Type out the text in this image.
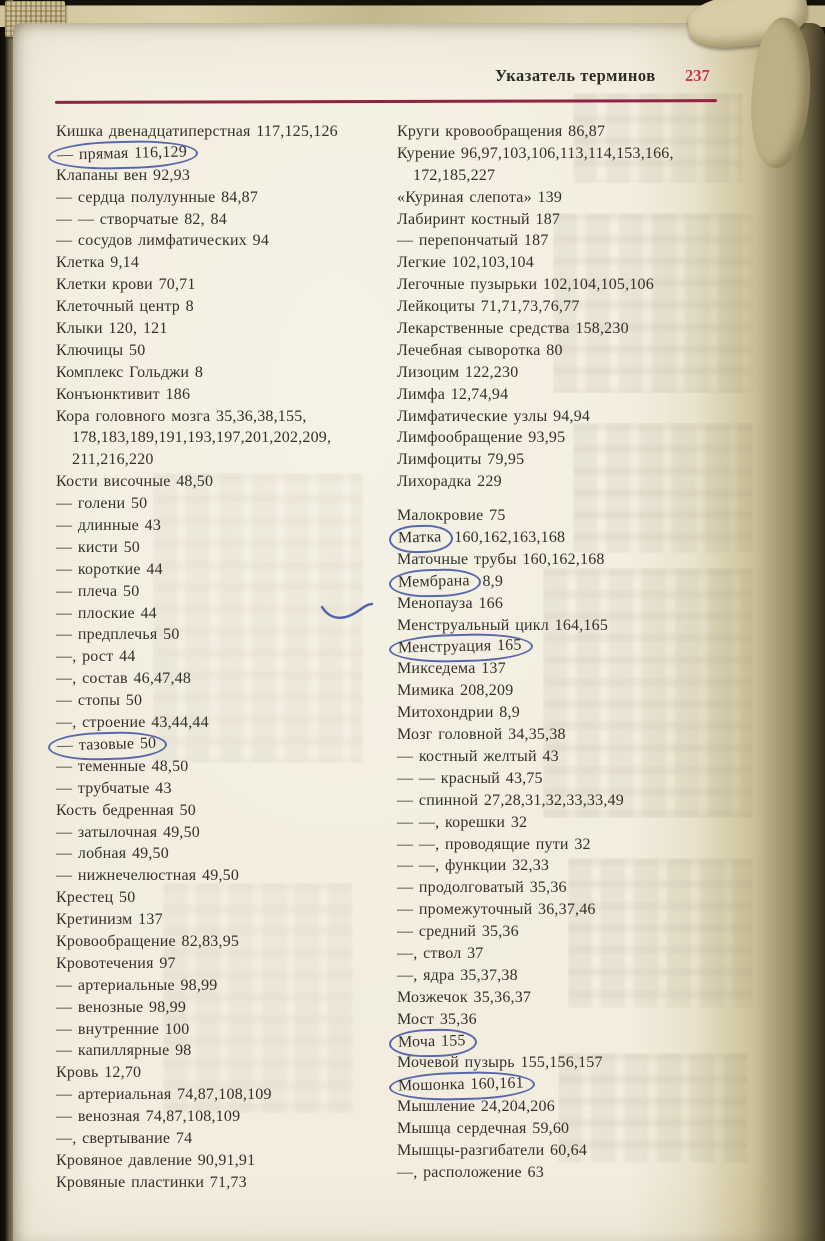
Указатель терминов 237
Кишка двенадцатиперстная 117,125,126
— прямая 116,129
Клапаны вен 92,93
— сердца полулунные 84,87
— — створчатые 82, 84
— сосудов лимфатических 94
Клетка 9,14
Клетки крови 70,71
Клеточный центр 8
Клыки 120, 121
Ключицы 50
Комплекс Гольджи 8
Конъюнктивит 186
Кора головного мозга 35,36,38,155,
178,183,189,191,193,197,201,202,209,
211,216,220
Кости височные 48,50
— голени 50
— длинные 43
— кисти 50
— короткие 44
— плеча 50
— плоские 44
— предплечья 50
—, рост 44
—, состав 46,47,48
— стопы 50
—, строение 43,44,44
— тазовые 50
— теменные 48,50
— трубчатые 43
Кость бедренная 50
— затылочная 49,50
— лобная 49,50
— нижнечелюстная 49,50
Крестец 50
Кретинизм 137
Кровообращение 82,83,95
Кровотечения 97
— артериальные 98,99
— венозные 98,99
— внутренние 100
— капиллярные 98
Кровь 12,70
— артериальная 74,87,108,109
— венозная 74,87,108,109
—, свертывание 74
Кровяное давление 90,91,91
Кровяные пластинки 71,73
Круги кровообращения 86,87
Курение 96,97,103,106,113,114,153,166,
172,185,227
«Куриная слепота» 139
Лабиринт костный 187
— перепончатый 187
Легкие 102,103,104
Легочные пузырьки 102,104,105,106
Лейкоциты 71,71,73,76,77
Лекарственные средства 158,230
Лечебная сыворотка 80
Лизоцим 122,230
Лимфа 12,74,94
Лимфатические узлы 94,94
Лимфообращение 93,95
Лимфоциты 79,95
Лихорадка 229
Малокровие 75
Матка 160,162,163,168
Маточные трубы 160,162,168
Мембрана 8,9
Менопауза 166
Менструальный цикл 164,165
Менструация 165
Микседема 137
Мимика 208,209
Митохондрии 8,9
Мозг головной 34,35,38
— костный желтый 43
— — красный 43,75
— спинной 27,28,31,32,33,33,49
— —, корешки 32
— —, проводящие пути 32
— —, функции 32,33
— продолговатый 35,36
— промежуточный 36,37,46
— средний 35,36
—, ствол 37
—, ядра 35,37,38
Мозжечок 35,36,37
Мост 35,36
Моча 155
Мочевой пузырь 155,156,157
Мошонка 160,161
Мышление 24,204,206
Мышца сердечная 59,60
Мышцы-разгибатели 60,64
—, расположение 63
